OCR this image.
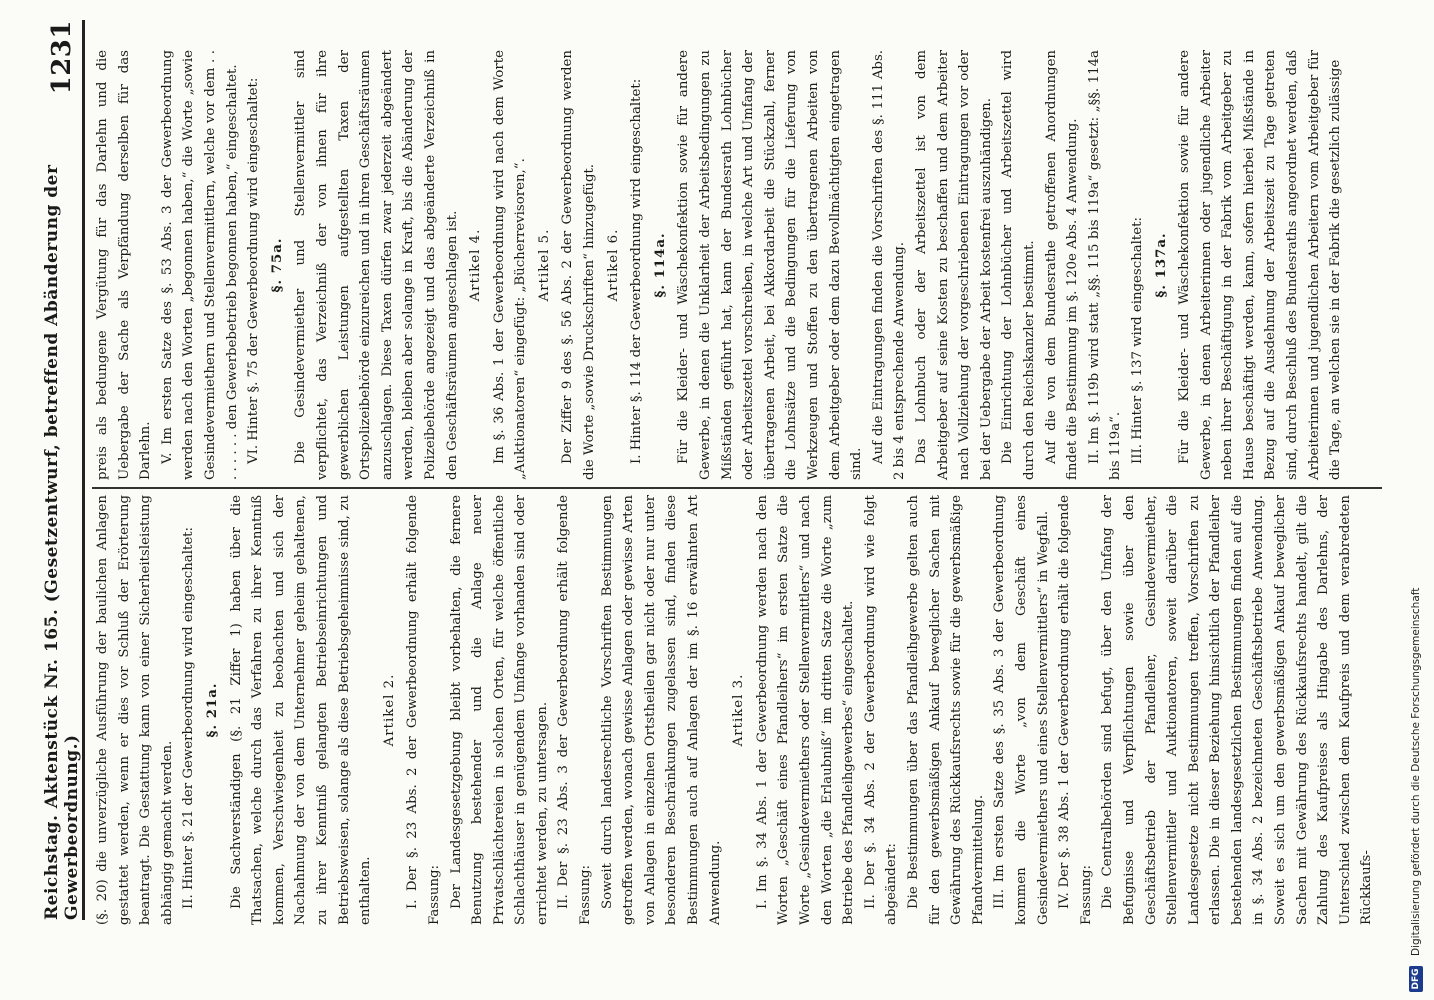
Reichstag. Aktenstück Nr. 165. (Gesetzentwurf, betreffend Abänderung der Gewerbeordnung.)
1231
(§. 20) die unverzügliche Ausführung der baulichen Anlagen gestattet werden, wenn er dies vor Schluß der Erörterung beantragt. Die Gestattung kann von einer Sicherheitsleistung abhängig gemacht werden. II. Hinter §. 21 der Gewerbeordnung wird eingeschaltet: §. 21a. Die Sachverständigen (§. 21 Ziffer 1) haben über die Thatsachen, welche durch das Verfahren zu ihrer Kenntniß kommen, Verschwiegenheit zu beobachten und sich der Nachahmung der von dem Unternehmer geheim gehaltenen, zu ihrer Kenntniß gelangten Betriebseinrichtungen und Betriebsweisen, solange als diese Betriebsgeheimnisse sind, zu enthalten.
Artikel 2. I. Der §. 23 Abs. 2 der Gewerbeordnung erhält folgende Fassung: Der Landesgesetzgebung bleibt vorbehalten, die fernere Benutzung bestehender und die Anlage neuer Privatschlächtereien in solchen Orten, für welche öffentliche Schlachthäuser in genügendem Umfange vorhanden sind oder errichtet werden, zu untersagen. II. Der §. 23 Abs. 3 der Gewerbeordnung erhält folgende Fassung: Soweit durch landesrechtliche Vorschriften Bestimmungen getroffen werden, wonach gewisse Anlagen oder gewisse Arten von Anlagen in einzelnen Ortstheilen gar nicht oder nur unter besonderen Beschränkungen zugelassen sind, finden diese Bestimmungen auch auf Anlagen der im §. 16 erwähnten Art Anwendung.
Artikel 3. I. Im §. 34 Abs. 1 der Gewerbeordnung werden nach den Worten „Geschäft eines Pfandleihers“ im ersten Satze die Worte „Gesindevermiethers oder Stellenvermittlers“ und nach den Worten „die Erlaubniß“ im dritten Satze die Worte „zum Betriebe des Pfandleihgewerbes“ eingeschaltet. II. Der §. 34 Abs. 2 der Gewerbeordnung wird wie folgt abgeändert: Die Bestimmungen über das Pfandleihgewerbe gelten auch für den gewerbsmäßigen Ankauf beweglicher Sachen mit Gewährung des Rückkaufsrechts sowie für die gewerbsmäßige Pfandvermittelung. III. Im ersten Satze des §. 35 Abs. 3 der Gewerbeordnung kommen die Worte „von dem Geschäft eines Gesindevermiethers und eines Stellenvermittlers“ in Wegfall. IV. Der §. 38 Abs. 1 der Gewerbeordnung erhält die folgende Fassung: Die Centralbehörden sind befugt, über den Umfang der Befugnisse und Verpflichtungen sowie über den Geschäftsbetrieb der Pfandleiher, Gesindevermiether, Stellenvermittler und Auktionatoren, soweit darüber die Landesgesetze nicht Bestimmungen treffen, Vorschriften zu erlassen. Die in dieser Beziehung hinsichtlich der Pfandleiher bestehenden landesgesetzlichen Bestimmungen finden auf die in §. 34 Abs. 2 bezeichneten Geschäftsbetriebe Anwendung. Soweit es sich um den gewerbsmäßigen Ankauf beweglicher Sachen mit Gewährung des Rückkaufsrechts handelt, gilt die Zahlung des Kaufpreises als Hingabe des Darlehns, der Unterschied zwischen dem Kaufpreis und dem verabredeten Rückkaufs-
preis als bedungene Vergütung für das Darlehn und die Uebergabe der Sache als Verpfändung derselben für das Darlehn. V. Im ersten Satze des §. 53 Abs. 3 der Gewerbeordnung werden nach den Worten „begonnen haben,“ die Worte „sowie Gesindevermiethern und Stellenvermittlern, welche vor dem . . . . . . . . den Gewerbebetrieb begonnen haben,“ eingeschaltet. VI. Hinter §. 75 der Gewerbeordnung wird eingeschaltet: §. 75a. Die Gesindevermiether und Stellenvermittler sind verpflichtet, das Verzeichniß der von ihnen für ihre gewerblichen Leistungen aufgestellten Taxen der Ortspolizeibehörde einzureichen und in ihren Geschäftsräumen anzuschlagen. Diese Taxen dürfen zwar jederzeit abgeändert werden, bleiben aber solange in Kraft, bis die Abänderung der Polizeibehörde angezeigt und das abgeänderte Verzeichniß in den Geschäftsräumen angeschlagen ist. Artikel 4. Im §. 36 Abs. 1 der Gewerbeordnung wird nach dem Worte „Auktionatoren“ eingefügt: „Bücherrevisoren,“. Artikel 5. Der Ziffer 9 des §. 56 Abs. 2 der Gewerbeordnung werden die Worte „sowie Druckschriften“ hinzugefügt. Artikel 6. I. Hinter §. 114 der Gewerbeordnung wird eingeschaltet: §. 114a. Für die Kleider- und Wäschekonfektion sowie für andere Gewerbe, in denen die Unklarheit der Arbeitsbedingungen zu Mißständen geführt hat, kann der Bundesrath Lohnbücher oder Arbeitszettel vorschreiben, in welche Art und Umfang der übertragenen Arbeit, bei Akkordarbeit die Stückzahl, ferner die Lohnsätze und die Bedingungen für die Lieferung von Werkzeugen und Stoffen zu den übertragenen Arbeiten von dem Arbeitgeber oder dem dazu Bevollmächtigten eingetragen sind. Auf die Eintragungen finden die Vorschriften des §. 111 Abs. 2 bis 4 entsprechende Anwendung. Das Lohnbuch oder der Arbeitszettel ist von dem Arbeitgeber auf seine Kosten zu beschaffen und dem Arbeiter nach Vollziehung der vorgeschriebenen Eintragungen vor oder bei der Uebergabe der Arbeit kostenfrei auszuhändigen. Die Einrichtung der Lohnbücher und Arbeitszettel wird durch den Reichskanzler bestimmt. Auf die von dem Bundesrathe getroffenen Anordnungen findet die Bestimmung im §. 120e Abs. 4 Anwendung. II. Im §. 119b wird statt „§§. 115 bis 119a“ gesetzt: „§§. 114a bis 119a“. III. Hinter §. 137 wird eingeschaltet: §. 137a. Für die Kleider- und Wäschekonfektion sowie für andere Gewerbe, in denen Arbeiterinnen oder jugendliche Arbeiter neben ihrer Beschäftigung in der Fabrik vom Arbeitgeber zu Hause beschäftigt werden, kann, sofern hierbei Mißstände in Bezug auf die Ausdehnung der Arbeitszeit zu Tage getreten sind, durch Beschluß des Bundesraths angeordnet werden, daß Arbeiterinnen und jugendlichen Arbeitern vom Arbeitgeber für die Tage, an welchen sie in der Fabrik die gesetzlich zulässige
DFG
Digitalisierung gefördert durch die Deutsche Forschungsgemeinschaft
